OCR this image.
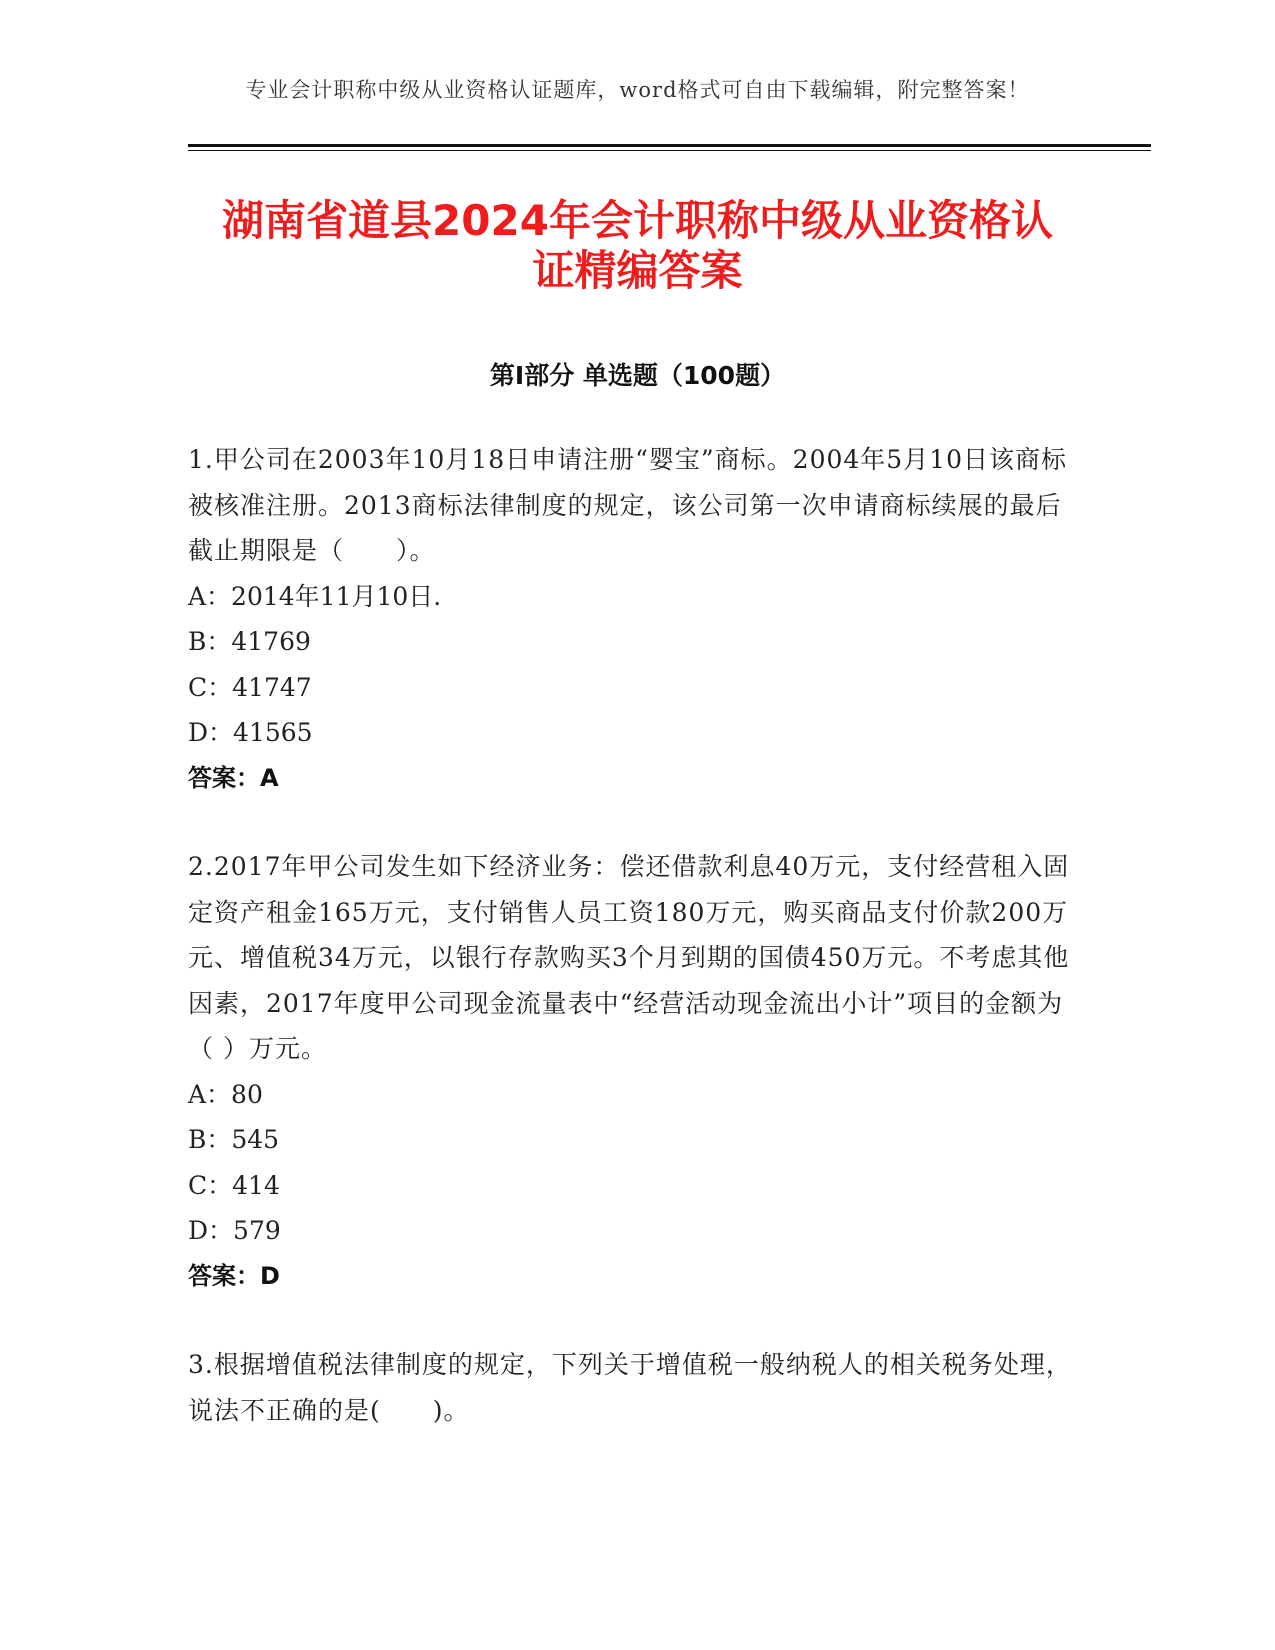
专业会计职称中级从业资格认证题库，word格式可自由下载编辑，附完整答案！
湖南省道县2024年会计职称中级从业资格认
证精编答案
第I部分 单选题（100题）
1.甲公司在2003年10月18日申请注册“婴宝”商标。2004年5月10日该商标被核准注册。2013商标法律制度的规定，该公司第一次申请商标续展的最后截止期限是（　　）。
A：2014年11月10日.
B：41769
C：41747
D：41565
答案：A
2.2017年甲公司发生如下经济业务：偿还借款利息40万元，支付经营租入固定资产租金165万元，支付销售人员工资180万元，购买商品支付价款200万元、增值税34万元，以银行存款购买3个月到期的国债450万元。不考虑其他因素，2017年度甲公司现金流量表中“经营活动现金流出小计”项目的金额为（ ）万元。
A：80
B：545
C：414
D：579
答案：D
3.根据增值税法律制度的规定，下列关于增值税一般纳税人的相关税务处理，说法不正确的是(　　)。
